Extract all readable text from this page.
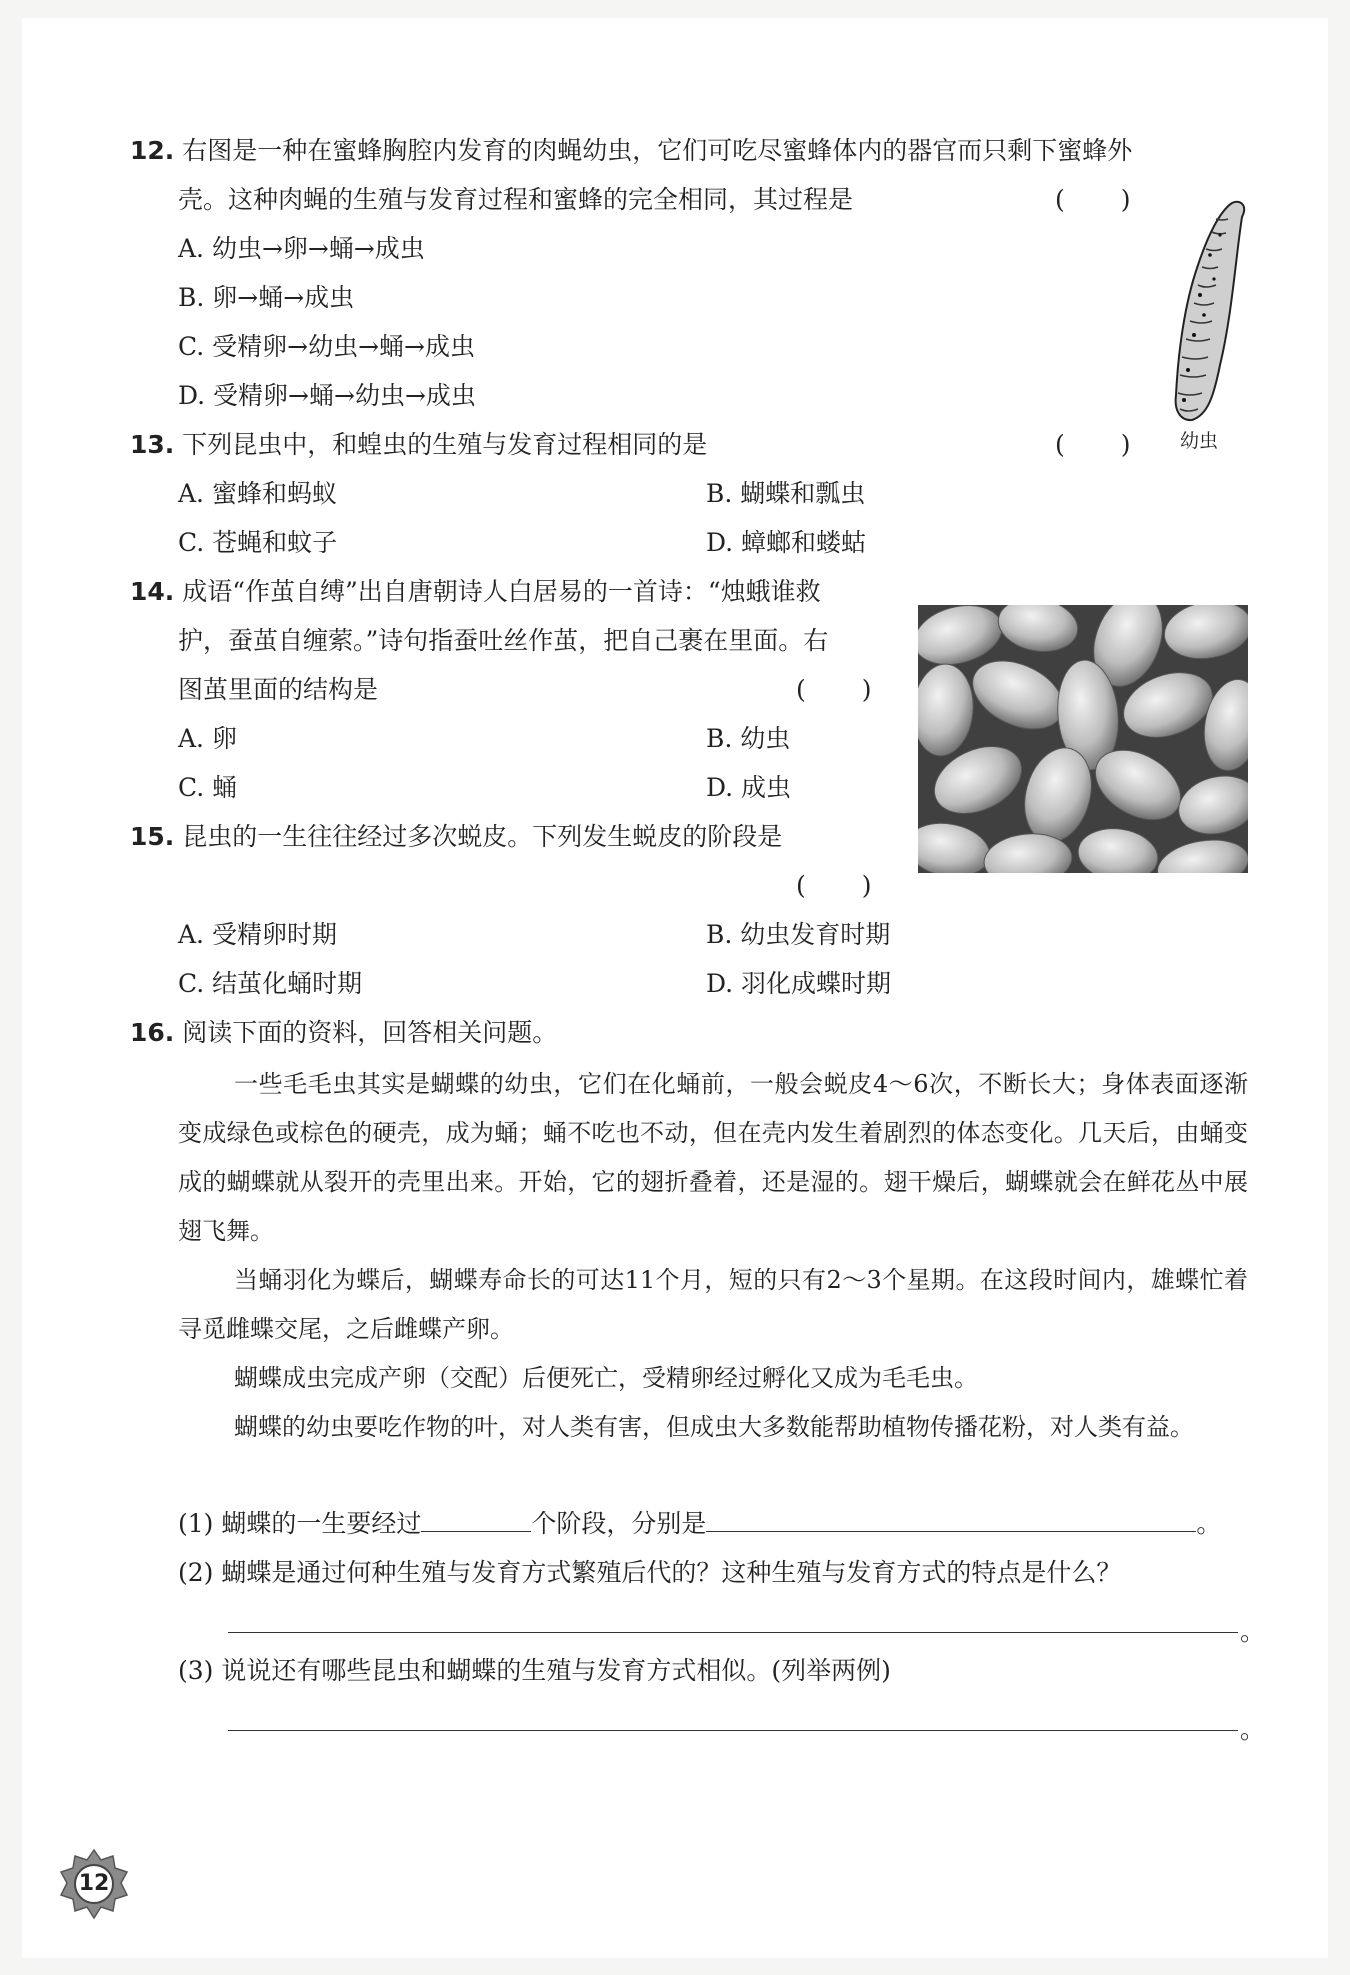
12. 右图是一种在蜜蜂胸腔内发育的肉蝇幼虫，它们可吃尽蜜蜂体内的器官而只剩下蜜蜂外
壳。这种肉蝇的生殖与发育过程和蜜蜂的完全相同，其过程是	(　　)
A. 幼虫→卵→蛹→成虫
B. 卵→蛹→成虫
C. 受精卵→幼虫→蛹→成虫
D. 受精卵→蛹→幼虫→成虫
幼虫
13. 下列昆虫中，和蝗虫的生殖与发育过程相同的是	(　　)
A. 蜜蜂和蚂蚁	B. 蝴蝶和瓢虫
C. 苍蝇和蚊子	D. 蟑螂和蝼蛄
14. 成语“作茧自缚”出自唐朝诗人白居易的一首诗：“烛蛾谁救
护，蚕茧自缠萦。”诗句指蚕吐丝作茧，把自己裹在里面。右
图茧里面的结构是	(　　)
A. 卵	B. 幼虫
C. 蛹	D. 成虫
15. 昆虫的一生往往经过多次蜕皮。下列发生蜕皮的阶段是
(　　)
A. 受精卵时期	B. 幼虫发育时期
C. 结茧化蛹时期	D. 羽化成蝶时期
16. 阅读下面的资料，回答相关问题。
一些毛毛虫其实是蝴蝶的幼虫，它们在化蛹前，一般会蜕皮4～6次，不断长大；身体表面逐渐变成绿色或棕色的硬壳，成为蛹；蛹不吃也不动，但在壳内发生着剧烈的体态变化。几天后，由蛹变成的蝴蝶就从裂开的壳里出来。开始，它的翅折叠着，还是湿的。翅干燥后，蝴蝶就会在鲜花丛中展翅飞舞。
当蛹羽化为蝶后，蝴蝶寿命长的可达11个月，短的只有2～3个星期。在这段时间内，雄蝶忙着寻觅雌蝶交尾，之后雌蝶产卵。
蝴蝶成虫完成产卵（交配）后便死亡，受精卵经过孵化又成为毛毛虫。
蝴蝶的幼虫要吃作物的叶，对人类有害，但成虫大多数能帮助植物传播花粉，对人类有益。
(1) 蝴蝶的一生要经过	个阶段，分别是	。
(2) 蝴蝶是通过何种生殖与发育方式繁殖后代的？这种生殖与发育方式的特点是什么？
。
(3) 说说还有哪些昆虫和蝴蝶的生殖与发育方式相似。(列举两例)
。
12
